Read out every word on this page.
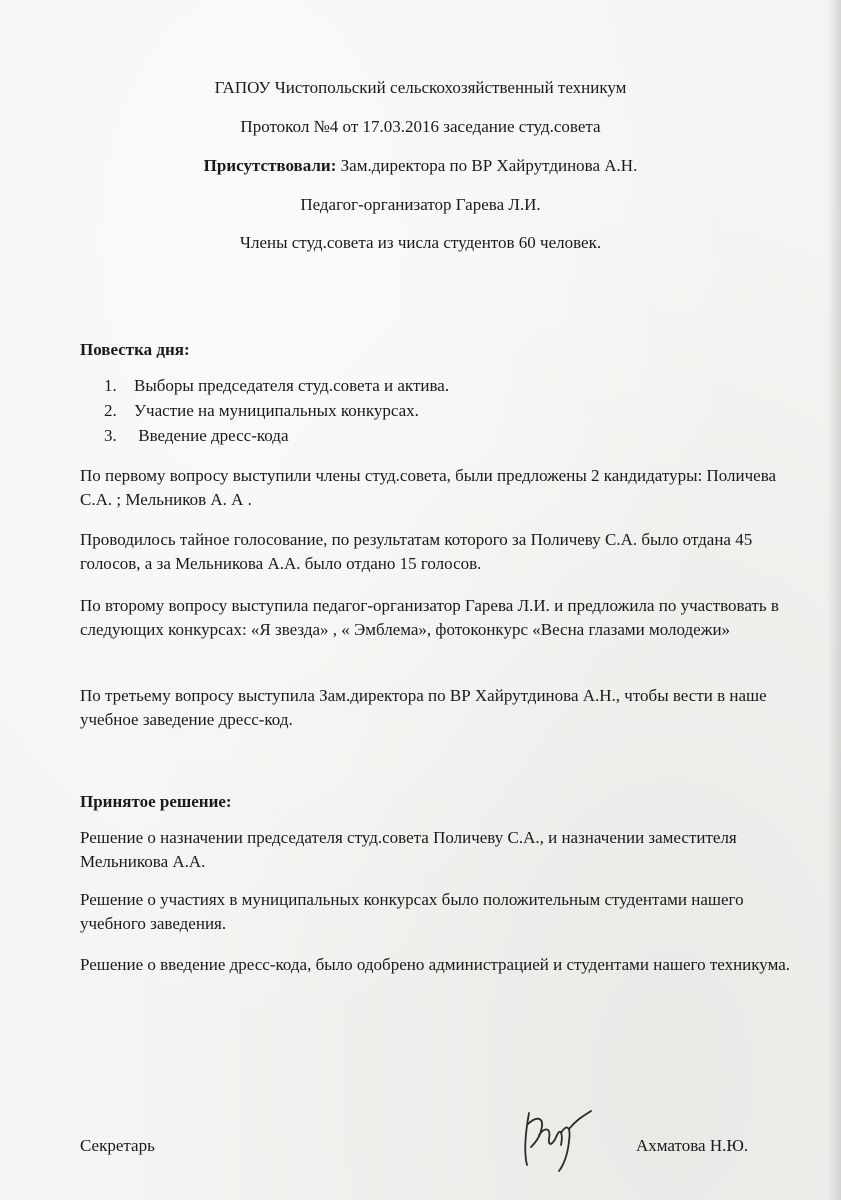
ГАПОУ Чистопольский сельскохозяйственный техникум
Протокол №4 от 17.03.2016 заседание студ.совета
Присутствовали: Зам.директора по ВР Хайрутдинова А.Н.
Педагог-организатор Гарева Л.И.
Члены студ.совета из числа студентов 60 человек.
Повестка дня:
1.	Выборы председателя студ.совета и актива.
2.	Участие на муниципальных конкурсах.
3.	Введение дресс-кода
По первому вопросу выступили члены студ.совета, были предложены 2 кандидатуры: Поличева С.А. ; Мельников А. А .
Проводилось тайное голосование, по результатам которого за Поличеву С.А. было отдана 45 голосов, а за Мельникова А.А. было отдано 15 голосов.
По второму вопросу выступила педагог-организатор Гарева Л.И. и предложила по участвовать в следующих конкурсах: «Я звезда» , « Эмблема», фотоконкурс «Весна глазами молодежи»
По третьему вопросу выступила Зам.директора по ВР Хайрутдинова А.Н., чтобы вести в наше учебное заведение дресс-код.
Принятое решение:
Решение о назначении председателя студ.совета Поличеву С.А., и назначении заместителя Мельникова А.А.
Решение о участиях в муниципальных конкурсах было положительным студентами нашего учебного заведения.
Решение о введение дресс-кода, было одобрено администрацией и студентами нашего техникума.
Секретарь	Ахматова Н.Ю.
